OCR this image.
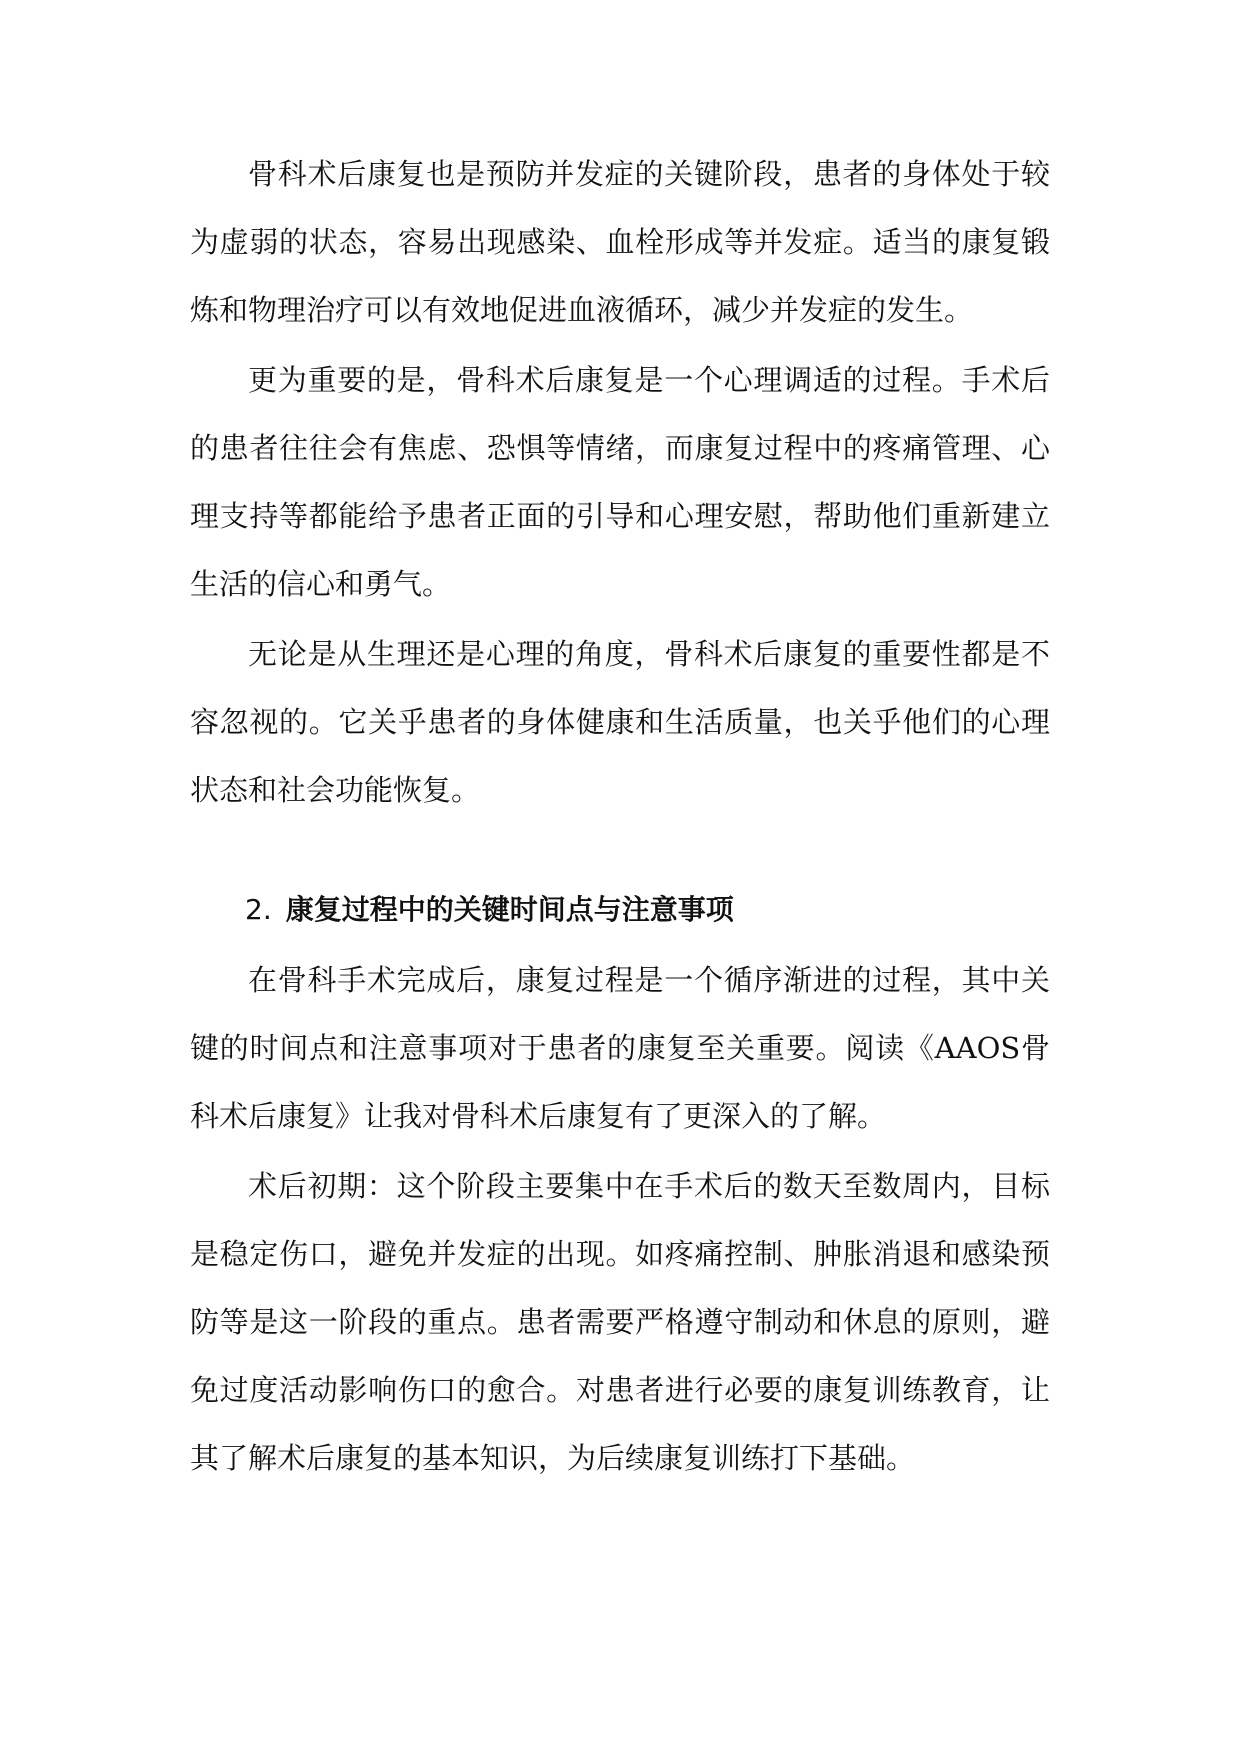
骨科术后康复也是预防并发症的关键阶段，患者的身体处于较为虚弱的状态，容易出现感染、血栓形成等并发症。适当的康复锻炼和物理治疗可以有效地促进血液循环，减少并发症的发生。

更为重要的是，骨科术后康复是一个心理调适的过程。手术后的患者往往会有焦虑、恐惧等情绪，而康复过程中的疼痛管理、心理支持等都能给予患者正面的引导和心理安慰，帮助他们重新建立生活的信心和勇气。

无论是从生理还是心理的角度，骨科术后康复的重要性都是不容忽视的。它关乎患者的身体健康和生活质量，也关乎他们的心理状态和社会功能恢复。

2. 康复过程中的关键时间点与注意事项

在骨科手术完成后，康复过程是一个循序渐进的过程，其中关键的时间点和注意事项对于患者的康复至关重要。阅读《AAOS骨科术后康复》让我对骨科术后康复有了更深入的了解。

术后初期：这个阶段主要集中在手术后的数天至数周内，目标是稳定伤口，避免并发症的出现。如疼痛控制、肿胀消退和感染预防等是这一阶段的重点。患者需要严格遵守制动和休息的原则，避免过度活动影响伤口的愈合。对患者进行必要的康复训练教育，让其了解术后康复的基本知识，为后续康复训练打下基础。
